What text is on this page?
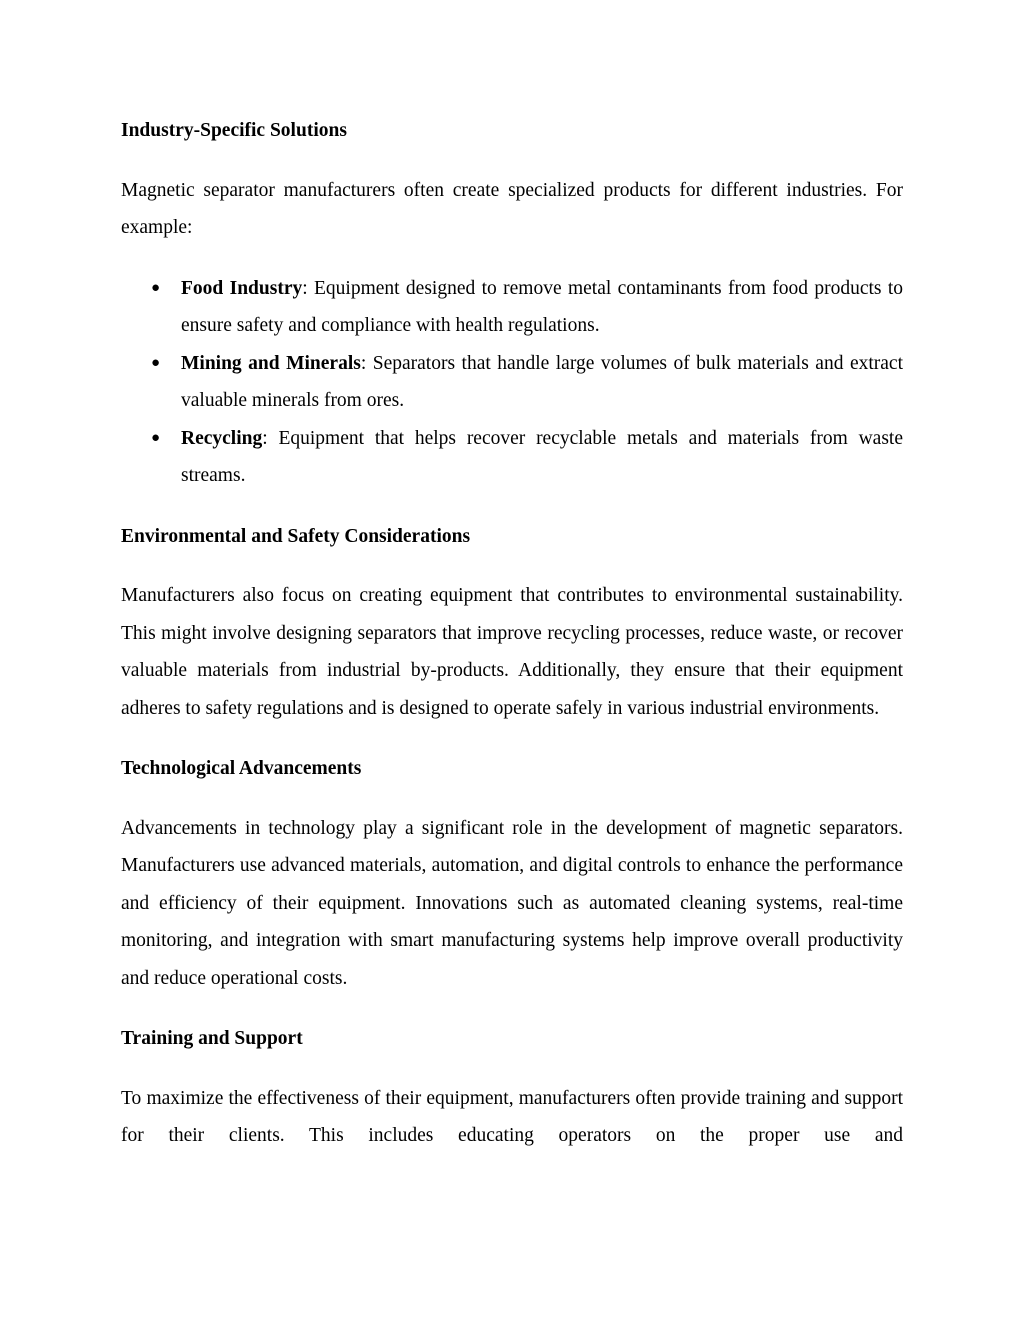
Industry-Specific Solutions

Magnetic separator manufacturers often create specialized products for different industries. For example:

● Food Industry: Equipment designed to remove metal contaminants from food products to ensure safety and compliance with health regulations.
● Mining and Minerals: Separators that handle large volumes of bulk materials and extract valuable minerals from ores.
● Recycling: Equipment that helps recover recyclable metals and materials from waste streams.

Environmental and Safety Considerations

Manufacturers also focus on creating equipment that contributes to environmental sustainability. This might involve designing separators that improve recycling processes, reduce waste, or recover valuable materials from industrial by-products. Additionally, they ensure that their equipment adheres to safety regulations and is designed to operate safely in various industrial environments.

Technological Advancements

Advancements in technology play a significant role in the development of magnetic separators. Manufacturers use advanced materials, automation, and digital controls to enhance the performance and efficiency of their equipment. Innovations such as automated cleaning systems, real-time monitoring, and integration with smart manufacturing systems help improve overall productivity and reduce operational costs.

Training and Support

To maximize the effectiveness of their equipment, manufacturers often provide training and support for their clients. This includes educating operators on the proper use and
